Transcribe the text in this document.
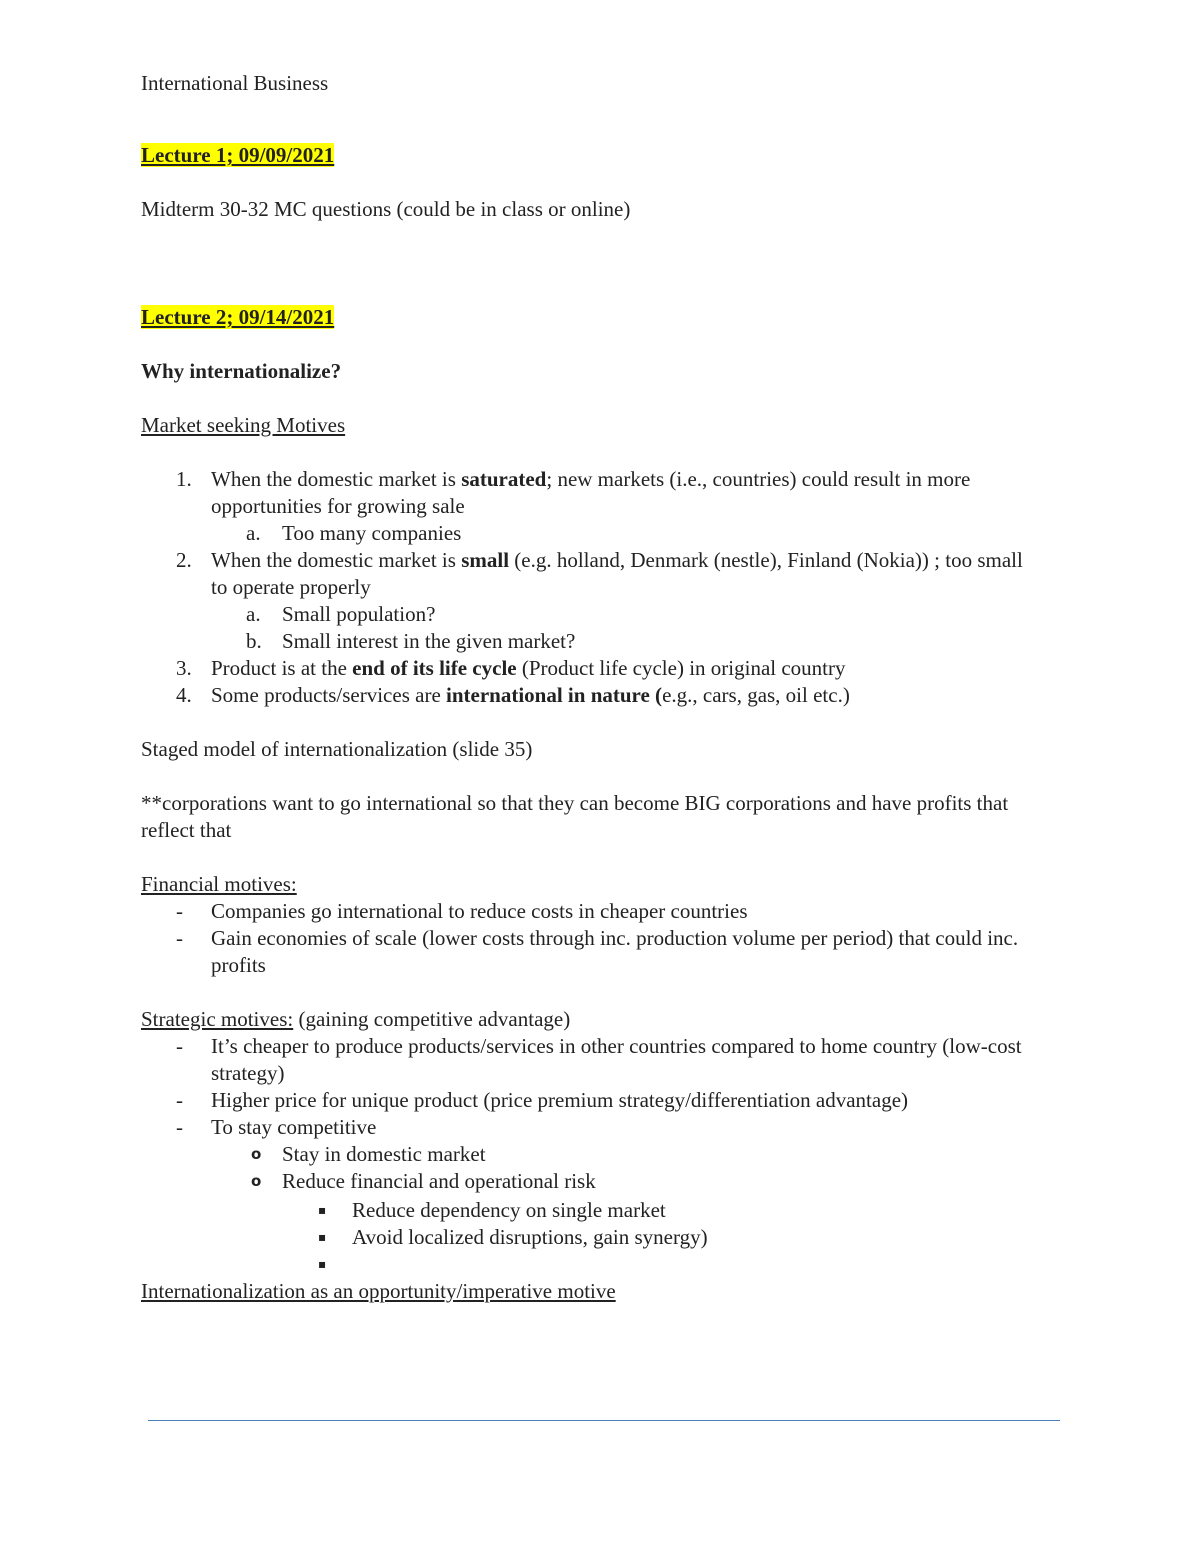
International Business

Lecture 1; 09/09/2021

Midterm 30-32 MC questions (could be in class or online)

Lecture 2; 09/14/2021

Why internationalize?

Market seeking Motives

1. When the domestic market is saturated; new markets (i.e., countries) could result in more opportunities for growing sale
a. Too many companies
2. When the domestic market is small (e.g. holland, Denmark (nestle), Finland (Nokia)) ; too small to operate properly
a. Small population?
b. Small interest in the given market?
3. Product is at the end of its life cycle (Product life cycle) in original country
4. Some products/services are international in nature (e.g., cars, gas, oil etc.)

Staged model of internationalization (slide 35)

**corporations want to go international so that they can become BIG corporations and have profits that reflect that

Financial motives:

- Companies go international to reduce costs in cheaper countries
- Gain economies of scale (lower costs through inc. production volume per period) that could inc. profits

Strategic motives: (gaining competitive advantage)

- It’s cheaper to produce products/services in other countries compared to home country (low-cost strategy)
- Higher price for unique product (price premium strategy/differentiation advantage)
- To stay competitive
o Stay in domestic market
o Reduce financial and operational risk
▪ Reduce dependency on single market
▪ Avoid localized disruptions, gain synergy)
▪

Internationalization as an opportunity/imperative motive
